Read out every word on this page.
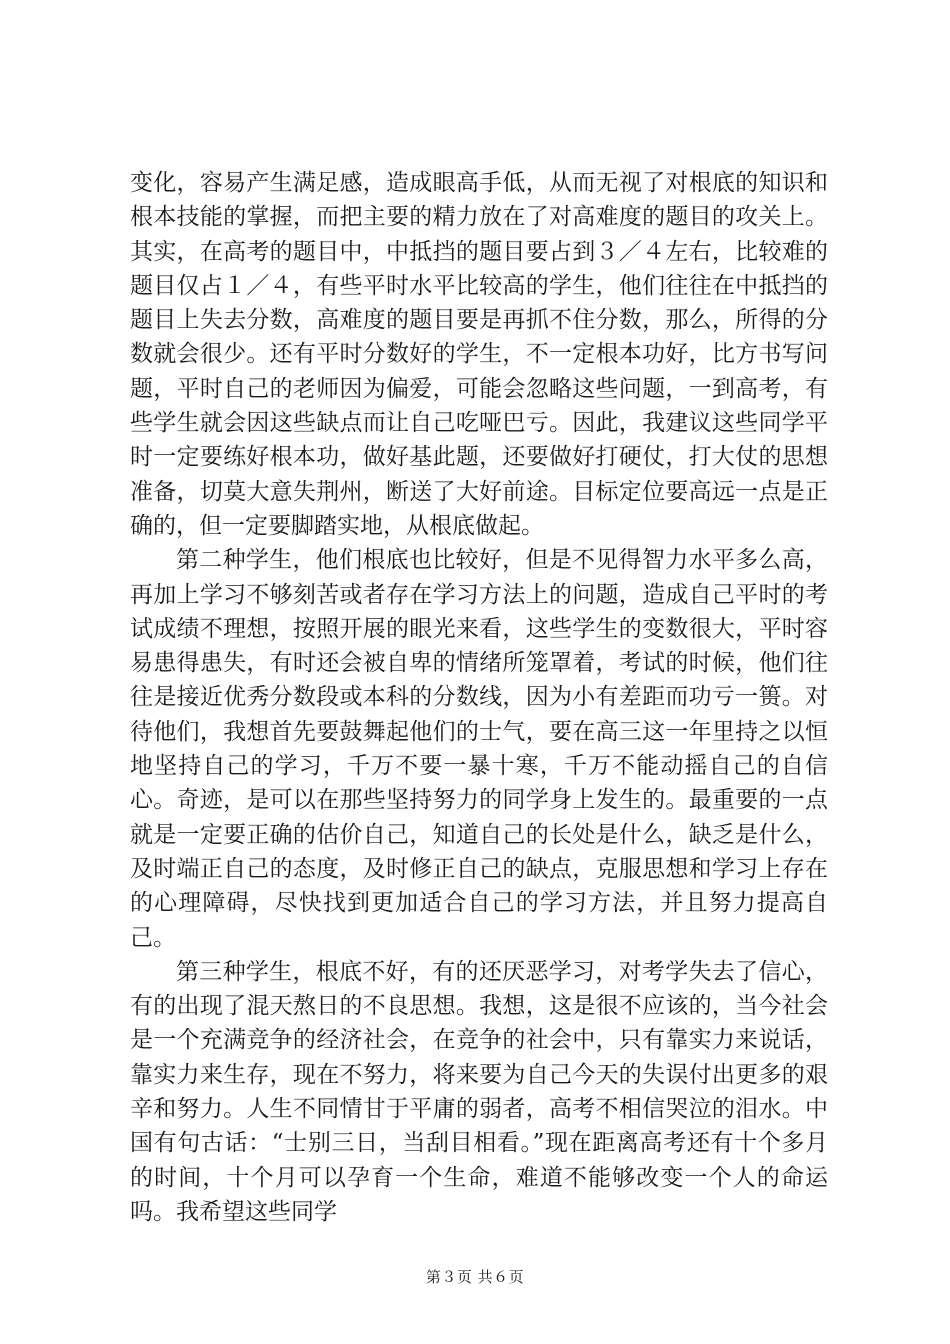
变化，容易产生满足感，造成眼高手低，从而无视了对根底的知识和根本技能的掌握，而把主要的精力放在了对高难度的题目的攻关上。其实，在高考的题目中，中抵挡的题目要占到３／４左右，比较难的题目仅占１／４，有些平时水平比较高的学生，他们往往在中抵挡的题目上失去分数，高难度的题目要是再抓不住分数，那么，所得的分数就会很少。还有平时分数好的学生，不一定根本功好，比方书写问题，平时自己的老师因为偏爱，可能会忽略这些问题，一到高考，有些学生就会因这些缺点而让自己吃哑巴亏。因此，我建议这些同学平时一定要练好根本功，做好基此题，还要做好打硬仗，打大仗的思想准备，切莫大意失荆州，断送了大好前途。目标定位要高远一点是正确的，但一定要脚踏实地，从根底做起。

第二种学生，他们根底也比较好，但是不见得智力水平多么高，再加上学习不够刻苦或者存在学习方法上的问题，造成自己平时的考试成绩不理想，按照开展的眼光来看，这些学生的变数很大，平时容易患得患失，有时还会被自卑的情绪所笼罩着，考试的时候，他们往往是接近优秀分数段或本科的分数线，因为小有差距而功亏一篑。对待他们，我想首先要鼓舞起他们的士气，要在高三这一年里持之以恒地坚持自己的学习，千万不要一暴十寒，千万不能动摇自己的自信心。奇迹，是可以在那些坚持努力的同学身上发生的。最重要的一点就是一定要正确的估价自己，知道自己的长处是什么，缺乏是什么，及时端正自己的态度，及时修正自己的缺点，克服思想和学习上存在的心理障碍，尽快找到更加适合自己的学习方法，并且努力提高自己。

第三种学生，根底不好，有的还厌恶学习，对考学失去了信心，有的出现了混天熬日的不良思想。我想，这是很不应该的，当今社会是一个充满竞争的经济社会，在竞争的社会中，只有靠实力来说话，靠实力来生存，现在不努力，将来要为自己今天的失误付出更多的艰辛和努力。人生不同情甘于平庸的弱者，高考不相信哭泣的泪水。中国有句古话：“士别三日，当刮目相看。”现在距离高考还有十个多月的时间，十个月可以孕育一个生命，难道不能够改变一个人的命运吗。我希望这些同学

第３页 共６页
